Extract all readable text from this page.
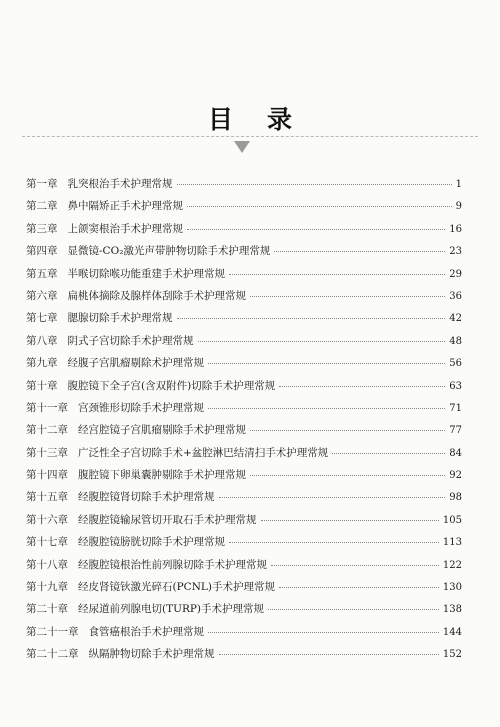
目录
第一章 乳突根治手术护理常规	1
第二章 鼻中隔矫正手术护理常规	9
第三章 上颌窦根治手术护理常规	16
第四章 显微镜-CO₂激光声带肿物切除手术护理常规	23
第五章 半喉切除喉功能重建手术护理常规	29
第六章 扁桃体摘除及腺样体刮除手术护理常规	36
第七章 腮腺切除手术护理常规	42
第八章 阴式子宫切除手术护理常规	48
第九章 经腹子宫肌瘤剔除术护理常规	56
第十章 腹腔镜下全子宫(含双附件)切除手术护理常规	63
第十一章 宫颈锥形切除手术护理常规	71
第十二章 经宫腔镜子宫肌瘤剔除手术护理常规	77
第十三章 广泛性全子宫切除手术+盆腔淋巴结清扫手术护理常规	84
第十四章 腹腔镜下卵巢囊肿剔除手术护理常规	92
第十五章 经腹腔镜肾切除手术护理常规	98
第十六章 经腹腔镜输尿管切开取石手术护理常规	105
第十七章 经腹腔镜膀胱切除手术护理常规	113
第十八章 经腹腔镜根治性前列腺切除手术护理常规	122
第十九章 经皮肾镜钬激光碎石(PCNL)手术护理常规	130
第二十章 经尿道前列腺电切(TURP)手术护理常规	138
第二十一章 食管癌根治手术护理常规	144
第二十二章 纵隔肿物切除手术护理常规	152
